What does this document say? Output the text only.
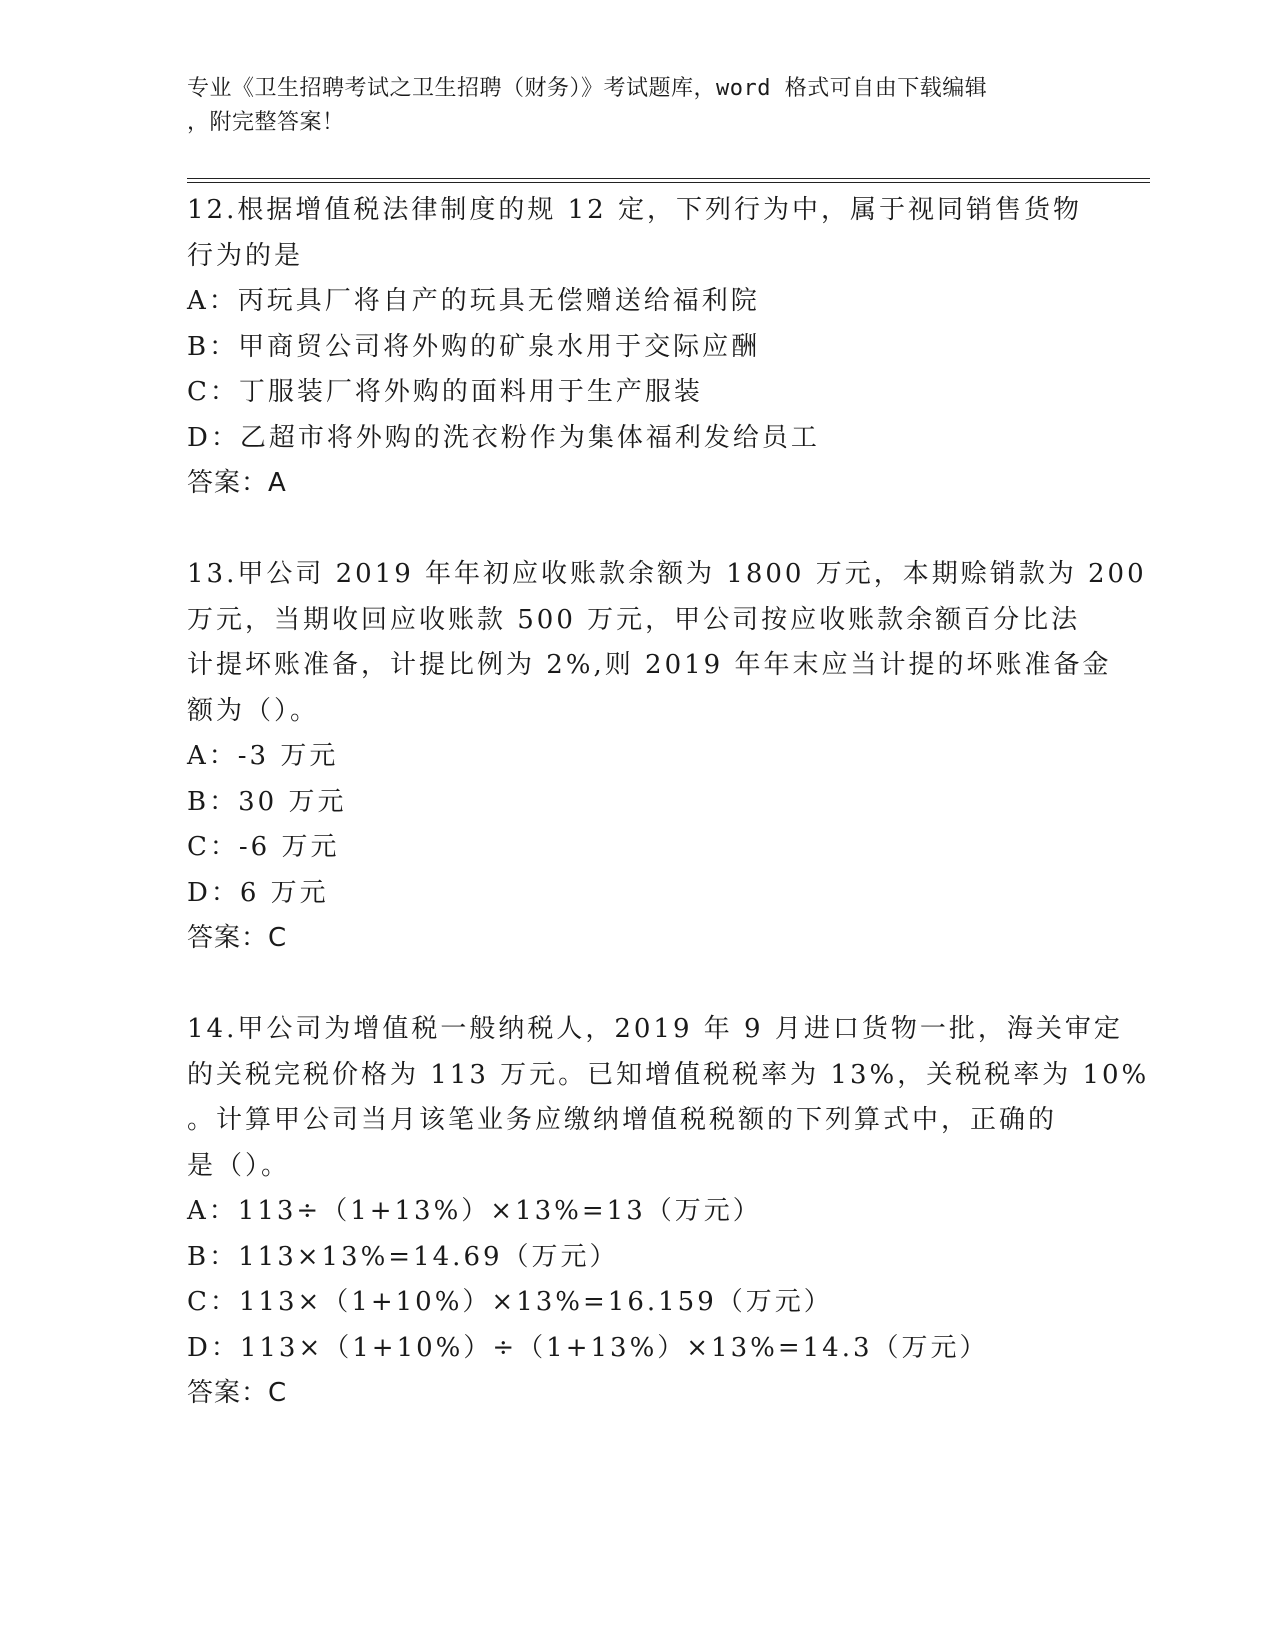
专业《卫生招聘考试之卫生招聘（财务）》考试题库，word 格式可自由下载编辑
，附完整答案！
12.根据增值税法律制度的规 12 定，下列行为中，属于视同销售货物
行为的是
A：丙玩具厂将自产的玩具无偿赠送给福利院
B：甲商贸公司将外购的矿泉水用于交际应酬
C：丁服装厂将外购的面料用于生产服装
D：乙超市将外购的洗衣粉作为集体福利发给员工
答案：A
13.甲公司 2019 年年初应收账款余额为 1800 万元，本期赊销款为 200
万元，当期收回应收账款 500 万元，甲公司按应收账款余额百分比法
计提坏账准备，计提比例为 2%,则 2019 年年末应当计提的坏账准备金
额为（）。
A：-3 万元
B：30 万元
C：-6 万元
D：6 万元
答案：C
14.甲公司为增值税一般纳税人，2019 年 9 月进口货物一批，海关审定
的关税完税价格为 113 万元。已知增值税税率为 13%，关税税率为 10%
。计算甲公司当月该笔业务应缴纳增值税税额的下列算式中，正确的
是（）。
A：113÷（1+13%）×13%=13（万元）
B：113×13%=14.69（万元）
C：113×（1+10%）×13%=16.159（万元）
D：113×（1+10%）÷（1+13%）×13%=14.3（万元）
答案：C
